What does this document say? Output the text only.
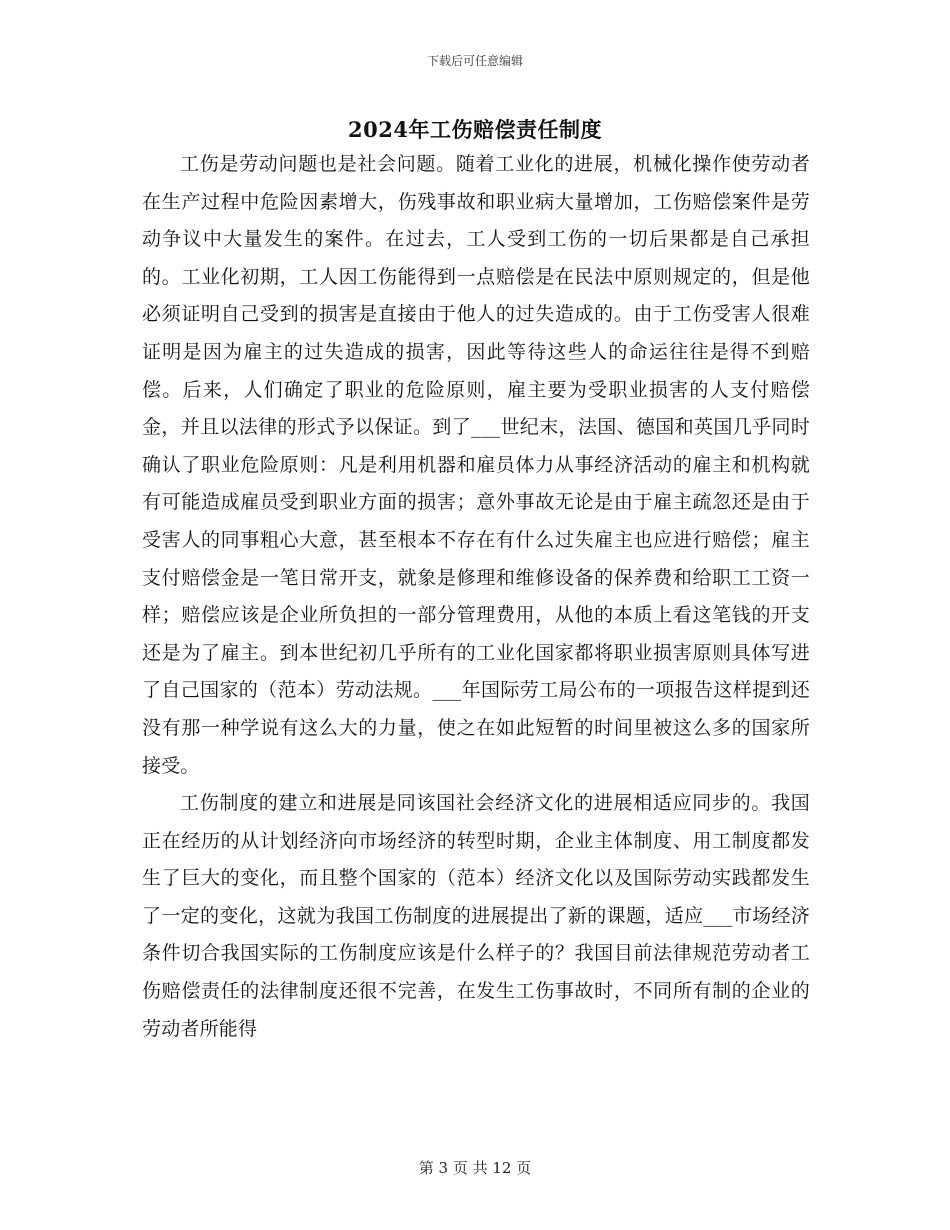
下载后可任意编辑
2024年工伤赔偿责任制度

工伤是劳动问题也是社会问题。随着工业化的进展，机械化操作使劳动者在生产过程中危险因素增大，伤残事故和职业病大量增加，工伤赔偿案件是劳动争议中大量发生的案件。在过去，工人受到工伤的一切后果都是自己承担的。工业化初期，工人因工伤能得到一点赔偿是在民法中原则规定的，但是他必须证明自己受到的损害是直接由于他人的过失造成的。由于工伤受害人很难证明是因为雇主的过失造成的损害，因此等待这些人的命运往往是得不到赔偿。后来，人们确定了职业的危险原则，雇主要为受职业损害的人支付赔偿金，并且以法律的形式予以保证。到了___世纪末，法国、德国和英国几乎同时确认了职业危险原则：凡是利用机器和雇员体力从事经济活动的雇主和机构就有可能造成雇员受到职业方面的损害；意外事故无论是由于雇主疏忽还是由于受害人的同事粗心大意，甚至根本不存在有什么过失雇主也应进行赔偿；雇主支付赔偿金是一笔日常开支，就象是修理和维修设备的保养费和给职工工资一样；赔偿应该是企业所负担的一部分管理费用，从他的本质上看这笔钱的开支还是为了雇主。到本世纪初几乎所有的工业化国家都将职业损害原则具体写进了自己国家的（范本）劳动法规。___年国际劳工局公布的一项报告这样提到还没有那一种学说有这么大的力量，使之在如此短暂的时间里被这么多的国家所接受。

工伤制度的建立和进展是同该国社会经济文化的进展相适应同步的。我国正在经历的从计划经济向市场经济的转型时期，企业主体制度、用工制度都发生了巨大的变化，而且整个国家的（范本）经济文化以及国际劳动实践都发生了一定的变化，这就为我国工伤制度的进展提出了新的课题，适应___市场经济条件切合我国实际的工伤制度应该是什么样子的？我国目前法律规范劳动者工伤赔偿责任的法律制度还很不完善，在发生工伤事故时，不同所有制的企业的劳动者所能得

第 3 页 共 12 页
